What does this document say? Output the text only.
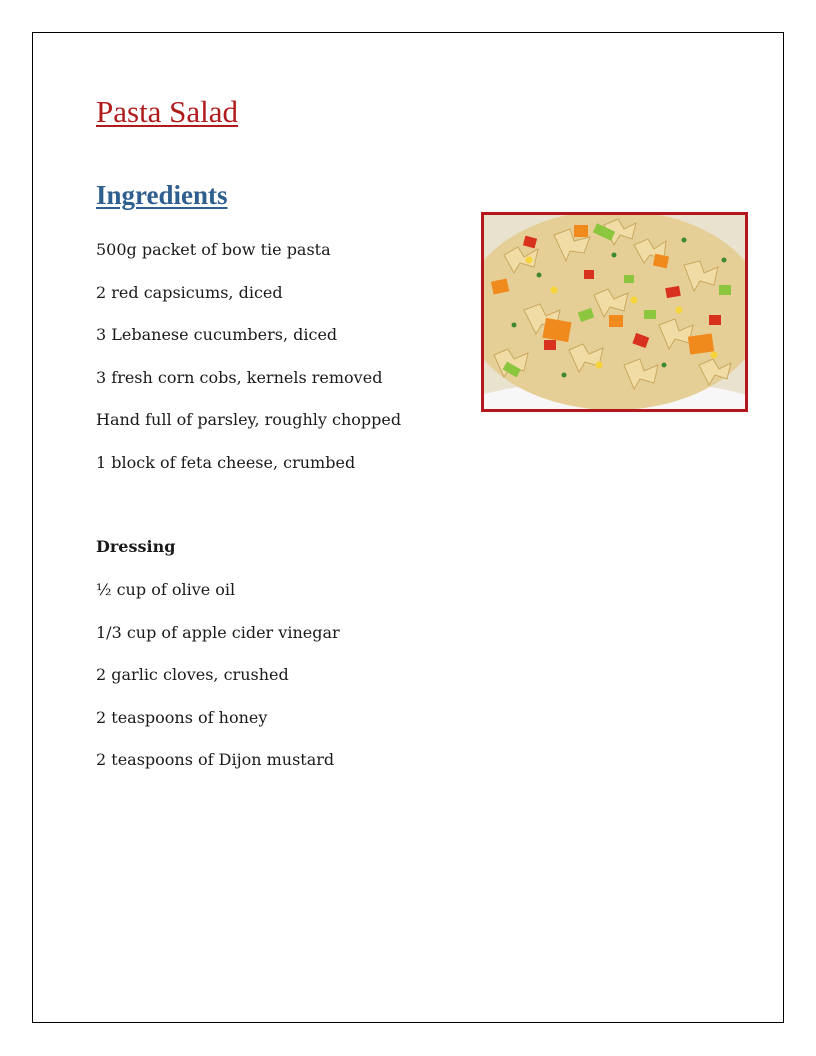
Pasta Salad
Ingredients
500g packet of bow tie pasta
2 red capsicums, diced
3 Lebanese cucumbers, diced
3 fresh corn cobs, kernels removed
Hand full of parsley, roughly chopped
1 block of feta cheese, crumbed
Dressing
½ cup of olive oil
1/3 cup of apple cider vinegar
2 garlic cloves, crushed
2 teaspoons of honey
2 teaspoons of Dijon mustard
